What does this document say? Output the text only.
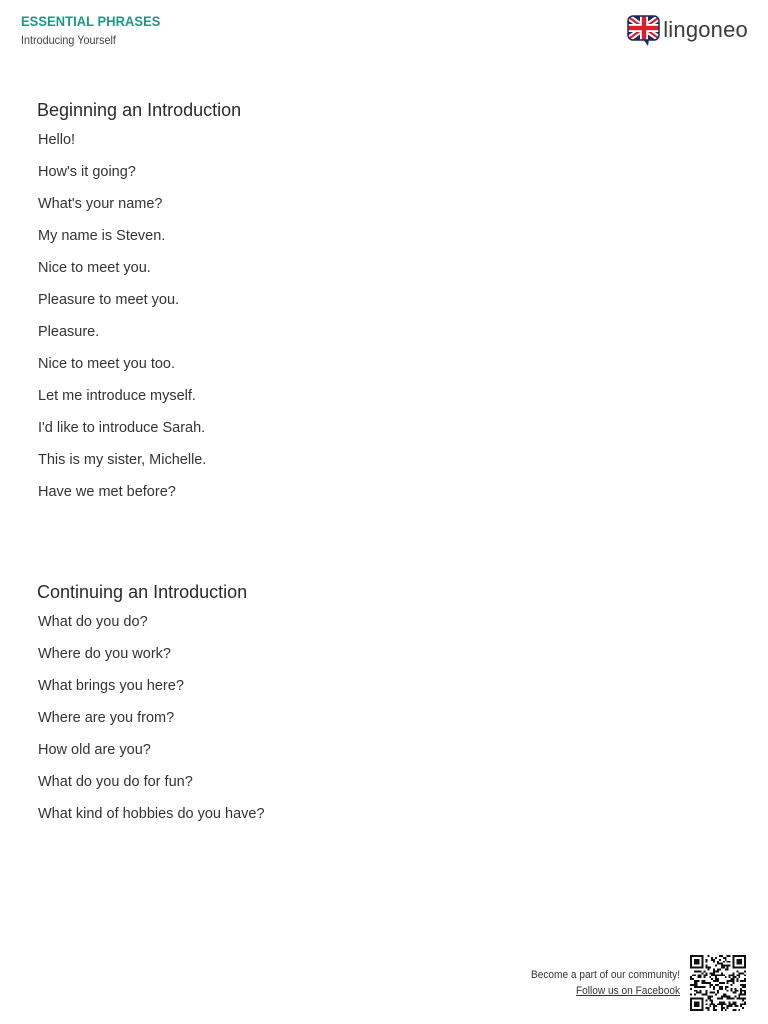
ESSENTIAL PHRASES
Introducing Yourself	lingoneo
Beginning an Introduction
Hello!
How's it going?
What's your name?
My name is Steven.
Nice to meet you.
Pleasure to meet you.
Pleasure.
Nice to meet you too.
Let me introduce myself.
I'd like to introduce Sarah.
This is my sister, Michelle.
Have we met before?
Continuing an Introduction
What do you do?
Where do you work?
What brings you here?
Where are you from?
How old are you?
What do you do for fun?
What kind of hobbies do you have?
Become a part of our community!
Follow us on Facebook
